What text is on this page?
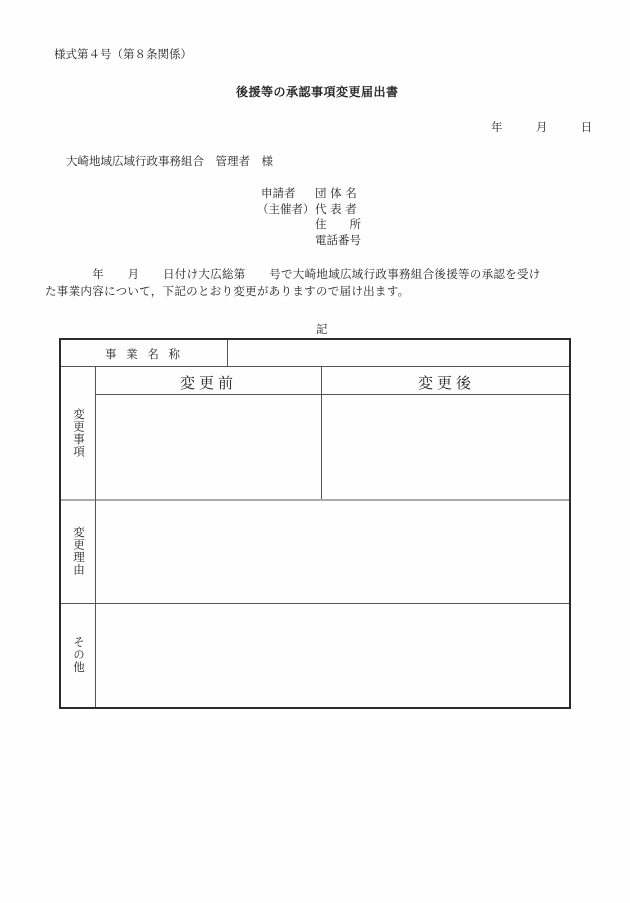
様式第４号（第８条関係）
後援等の承認事項変更届出書
年	月	日
大崎地域広域行政事務組合　管理者　様
申請者	団 体 名
（主催者） 代 表 者
住　　所
電話番号
　　　　年　　月　　日付け大広総第　　号で大崎地域広域行政事務組合後援等の承認を受け
た事業内容について，下記のとおり変更がありますので届け出ます。
記
事 業 名 称
変更事項
変更前	変更後
変更理由
その他
